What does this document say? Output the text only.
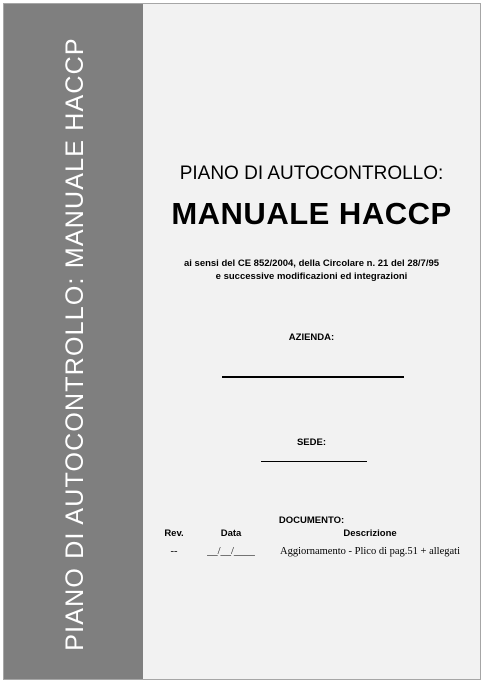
PIANO DI AUTOCONTROLLO: MANUALE HACCP	PIANO DI AUTOCONTROLLO:
MANUALE HACCP
ai sensi del CE 852/2004, della Circolare n. 21 del 28/7/95
e successive modificazioni ed integrazioni
AZIENDA:
SEDE:
DOCUMENTO:
Rev.	Data	Descrizione
--	__/__/____	Aggiornamento - Plico di pag.51 + allegati
